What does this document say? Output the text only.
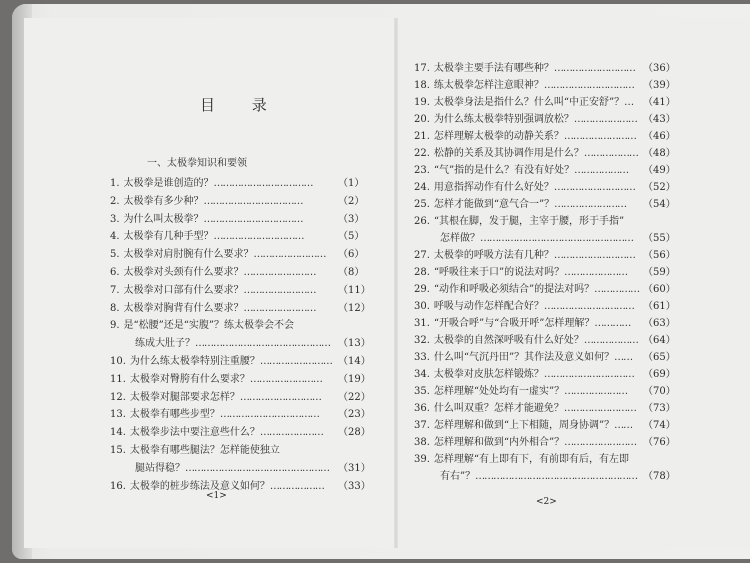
目 录
一、太极拳知识和要领
1. 太极拳是谁创造的？……………………………	（1）
2. 太极拳有多少种？……………………………	（2）
3. 为什么叫太极拳？……………………………	（3）
4. 太极拳有几种手型？…………………………	（5）
5. 太极拳对肩肘腕有什么要求？…………………… （6）
6. 太极拳对头颈有什么要求？…………………… （8）
7. 太极拳对口部有什么要求？…………………… （11）
8. 太极拳对胸背有什么要求？…………………… （12）
9. 是“松腰”还是“实腹”？练太极拳会不会
练成大肚子？……………………………………… （13）
10. 为什么练太极拳特别注重腰？…………………… （14）
11. 太极拳对臀胯有什么要求？…………………… （19）
12. 太极拳对腿部要求怎样？……………………… （22）
13. 太极拳有哪些步型？…………………………… （23）
14. 太极拳步法中要注意些什么？………………… （28）
15. 太极拳有哪些腿法？怎样能使独立
腿站得稳？………………………………………… （31）
16. 太极拳的桩步练法及意义如何？……………… （33）
17. 太极拳主要手法有哪些种？……………………… （36）
18. 练太极拳怎样注意眼神？………………………… （39）
19. 太极拳身法是指什么？什么叫“中正安舒”？… （41）
20. 为什么练太极拳特别强调放松？………………… （43）
21. 怎样理解太极拳的动静关系？…………………… （46）
22. 松静的关系及其协调作用是什么？……………… （48）
23. “气”指的是什么？有没有好处？……………… （49）
24. 用意指挥动作有什么好处？……………………… （52）
25. 怎样才能做到“意气合一”？…………………… （54）
26. “其根在脚，发于腿，主宰于腰，形于手指”
怎样做？…………………………………………… （55）
27. 太极拳的呼吸方法有几种？……………………… （56）
28. “呼吸往来于口”的说法对吗？………………… （59）
29. “动作和呼吸必须结合”的提法对吗？…………… （60）
30. 呼吸与动作怎样配合好？………………………… （61）
31. “开吸合呼”与“合吸开呼”怎样理解？………… （63）
32. 太极拳的自然深呼吸有什么好处？……………… （64）
33. 什么叫“气沉丹田”？其作法及意义如何？…… （65）
34. 太极拳对皮肤怎样锻炼？………………………… （69）
35. 怎样理解“处处均有一虚实”？………………… （70）
36. 什么叫双重？怎样才能避免？…………………… （73）
37. 怎样理解和做到“上下相随，周身协调”？…… （74）
38. 怎样理解和做到“内外相合”？…………………… （76）
39. 怎样理解“有上即有下，有前即有后，有左即
有右”？……………………………………………… （78）
<1>
<2>
